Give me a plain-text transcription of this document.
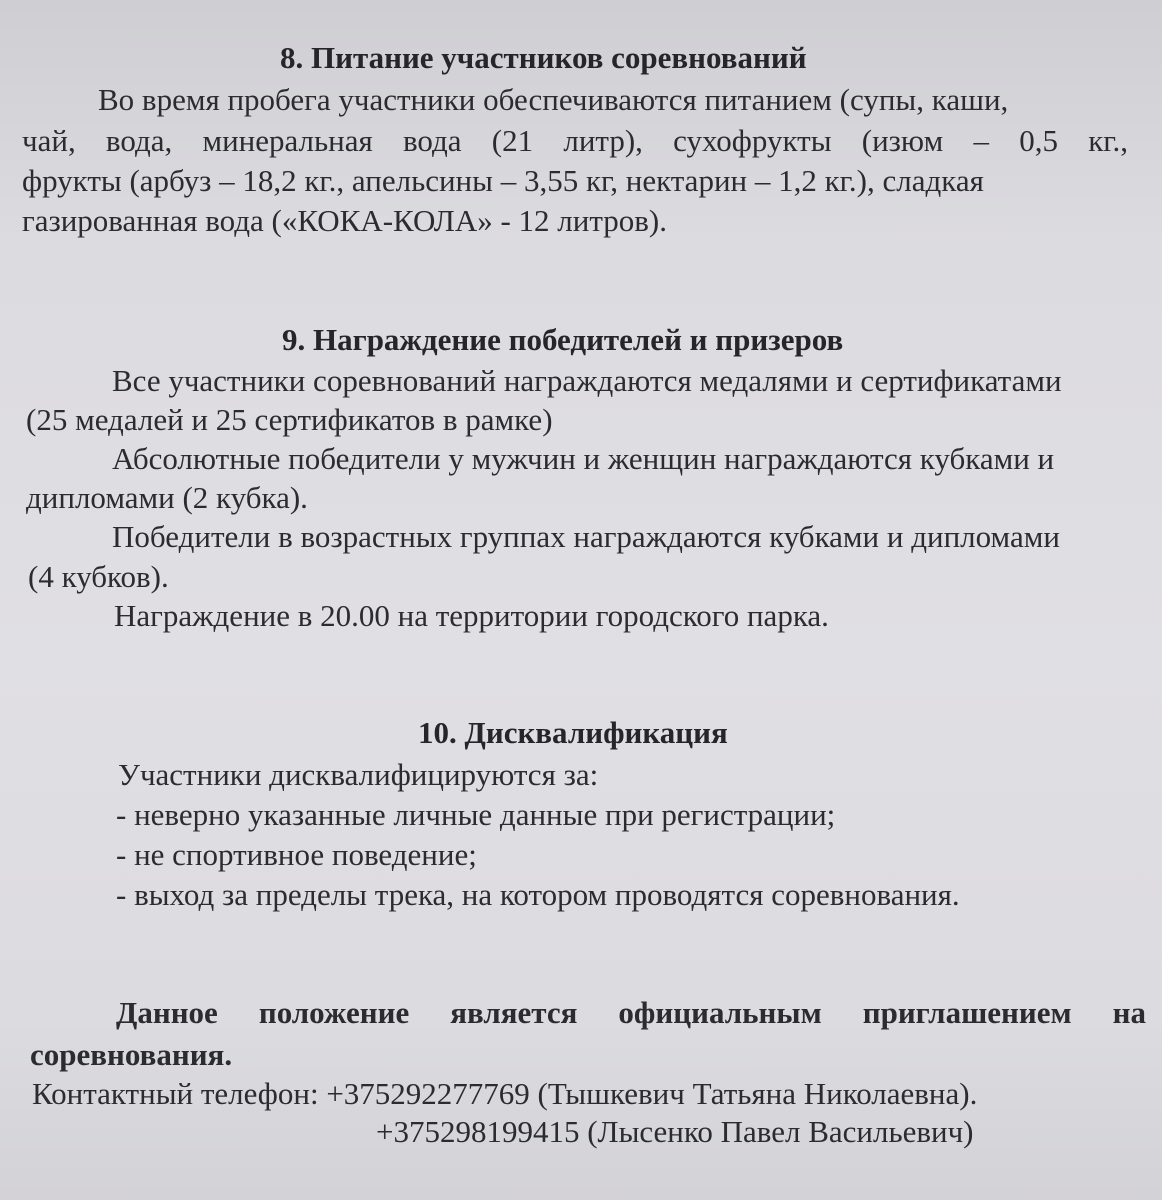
8. Питание участников соревнований
Во время пробега участники обеспечиваются питанием (супы, каши,
чай, вода, минеральная вода (21 литр), сухофрукты (изюм – 0,5 кг.,
фрукты (арбуз – 18,2 кг., апельсины – 3,55 кг, нектарин – 1,2 кг.), сладкая
газированная вода («КОКА-КОЛА» - 12 литров).
9. Награждение победителей и призеров
Все участники соревнований награждаются медалями и сертификатами
(25 медалей и 25 сертификатов в рамке)
Абсолютные победители у мужчин и женщин награждаются кубками и
дипломами (2 кубка).
Победители в возрастных группах награждаются кубками и дипломами
(4 кубков).
Награждение в 20.00 на территории городского парка.
10. Дисквалификация
Участники дисквалифицируются за:
- неверно указанные личные данные при регистрации;
- не спортивное поведение;
- выход за пределы трека, на котором проводятся соревнования.
Данное положение является официальным приглашением на
соревнования.
Контактный телефон: +375292277769 (Тышкевич Татьяна Николаевна).
+375298199415 (Лысенко Павел Васильевич)
